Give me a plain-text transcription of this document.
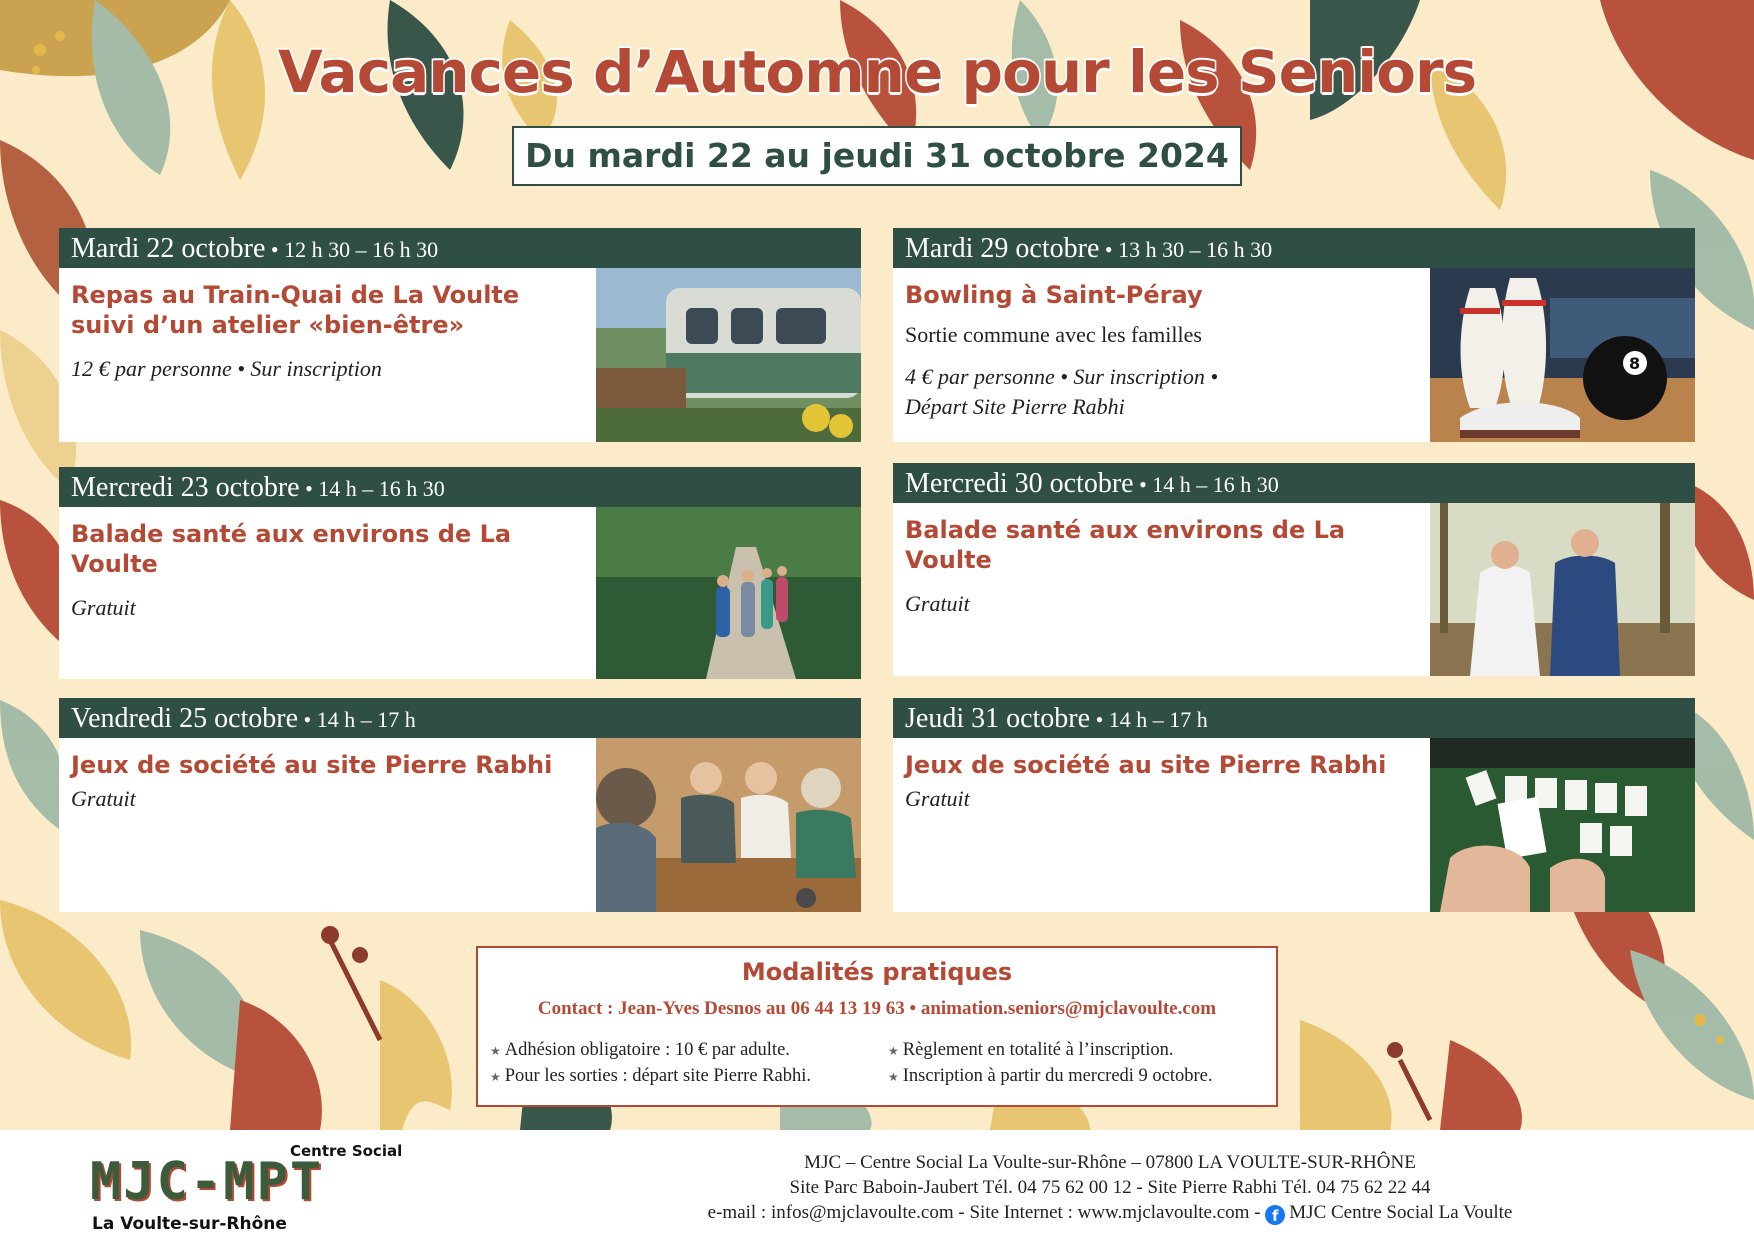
Vacances d’Automne pour les Seniors
Du mardi 22 au jeudi 31 octobre 2024
Mardi 22 octobre • 12 h 30 – 16 h 30
Repas au Train-Quai de La Voulte
suivi d’un atelier «bien-être»
12 € par personne • Sur inscription
Mardi 29 octobre • 13 h 30 – 16 h 30
Bowling à Saint-Péray
Sortie commune avec les familles
4 € par personne • Sur inscription •
Départ Site Pierre Rabhi
8
Mercredi 23 octobre • 14 h – 16 h 30
Balade santé aux environs de La Voulte
Gratuit
Mercredi 30 octobre • 14 h – 16 h 30
Balade santé aux environs de La Voulte
Gratuit
Vendredi 25 octobre • 14 h – 17 h
Jeux de société au site Pierre Rabhi
Gratuit
Jeudi 31 octobre • 14 h – 17 h
Jeux de société au site Pierre Rabhi
Gratuit
Modalités pratiques
Contact : Jean-Yves Desnos au 06 44 13 19 63 • animation.seniors@mjclavoulte.com
★ Adhésion obligatoire : 10 € par adulte.
★ Pour les sorties : départ site Pierre Rabhi.
★ Règlement en totalité à l’inscription.
★ Inscription à partir du mercredi 9 octobre.
Centre Social
MJC-MPT
La Voulte-sur-Rhône
MJC – Centre Social La Voulte-sur-Rhône – 07800 LA VOULTE-SUR-RHÔNE
Site Parc Baboin-Jaubert Tél. 04 75 62 00 12 - Site Pierre Rabhi Tél. 04 75 62 22 44
e-mail : infos@mjclavoulte.com - Site Internet : www.mjclavoulte.com - f MJC Centre Social La Voulte
